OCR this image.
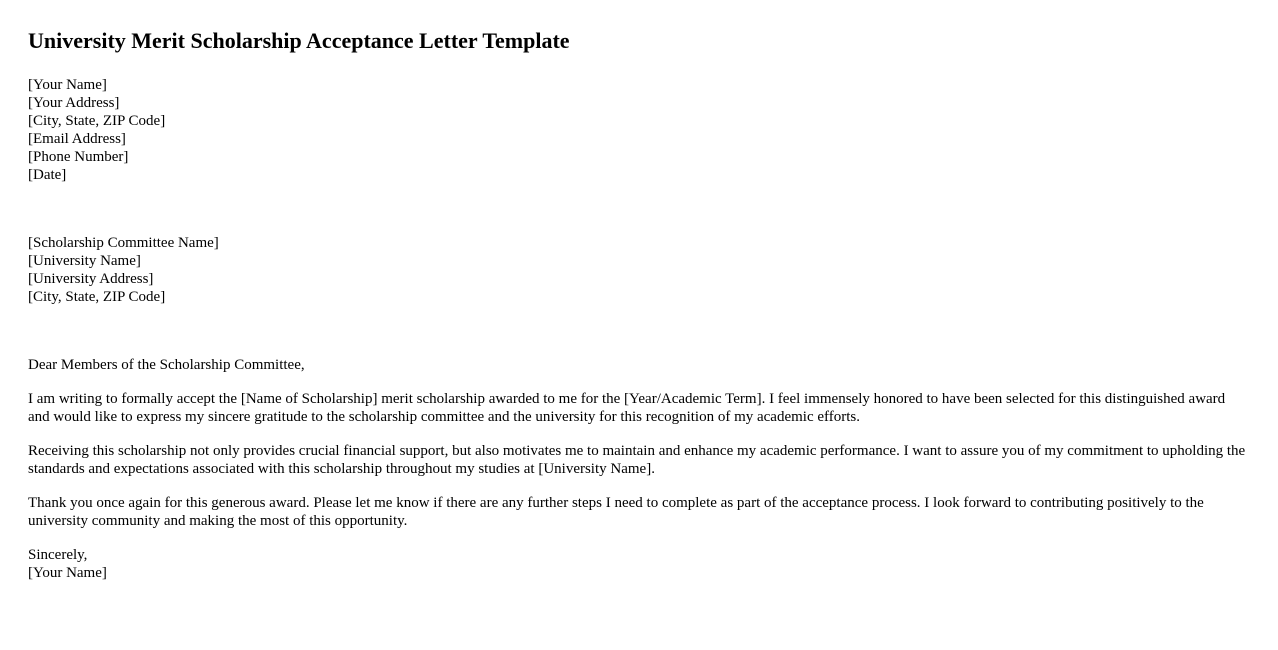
University Merit Scholarship Acceptance Letter Template
[Your Name]
[Your Address]
[City, State, ZIP Code]
[Email Address]
[Phone Number]
[Date]
[Scholarship Committee Name]
[University Name]
[University Address]
[City, State, ZIP Code]

Dear Members of the Scholarship Committee,

I am writing to formally accept the [Name of Scholarship] merit scholarship awarded to me for the [Year/Academic Term]. I feel immensely honored to have been selected for this distinguished award and would like to express my sincere gratitude to the scholarship committee and the university for this recognition of my academic efforts.

Receiving this scholarship not only provides crucial financial support, but also motivates me to maintain and enhance my academic performance. I want to assure you of my commitment to upholding the standards and expectations associated with this scholarship throughout my studies at [University Name].

Thank you once again for this generous award. Please let me know if there are any further steps I need to complete as part of the acceptance process. I look forward to contributing positively to the university community and making the most of this opportunity.

Sincerely,
[Your Name]
